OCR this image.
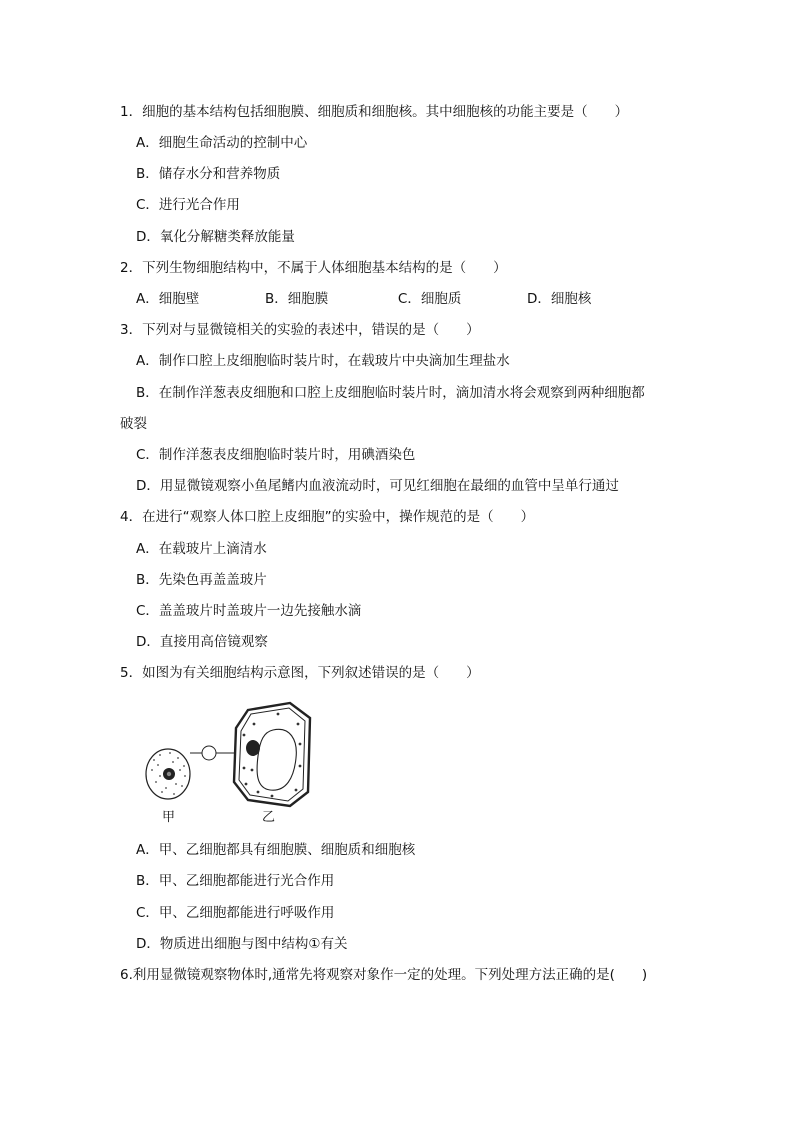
1．细胞的基本结构包括细胞膜、细胞质和细胞核。其中细胞核的功能主要是（　　）
A．细胞生命活动的控制中心
B．储存水分和营养物质
C．进行光合作用
D．氧化分解糖类释放能量
2．下列生物细胞结构中，不属于人体细胞基本结构的是（　　）
A．细胞壁	B．细胞膜	C．细胞质	D．细胞核
3．下列对与显微镜相关的实验的表述中，错误的是（　　）
A．制作口腔上皮细胞临时装片时，在载玻片中央滴加生理盐水
B．在制作洋葱表皮细胞和口腔上皮细胞临时装片时，滴加清水将会观察到两种细胞都
破裂
C．制作洋葱表皮细胞临时装片时，用碘酒染色
D．用显微镜观察小鱼尾鳍内血液流动时，可见红细胞在最细的血管中呈单行通过
4．在进行“观察人体口腔上皮细胞”的实验中，操作规范的是（　　）
A．在载玻片上滴清水
B．先染色再盖盖玻片
C．盖盖玻片时盖玻片一边先接触水滴
D．直接用高倍镜观察
5．如图为有关细胞结构示意图，下列叙述错误的是（　　）
甲	乙
A．甲、乙细胞都具有细胞膜、细胞质和细胞核
B．甲、乙细胞都能进行光合作用
C．甲、乙细胞都能进行呼吸作用
D．物质进出细胞与图中结构①有关
6.利用显微镜观察物体时,通常先将观察对象作一定的处理。下列处理方法正确的是(　　)
